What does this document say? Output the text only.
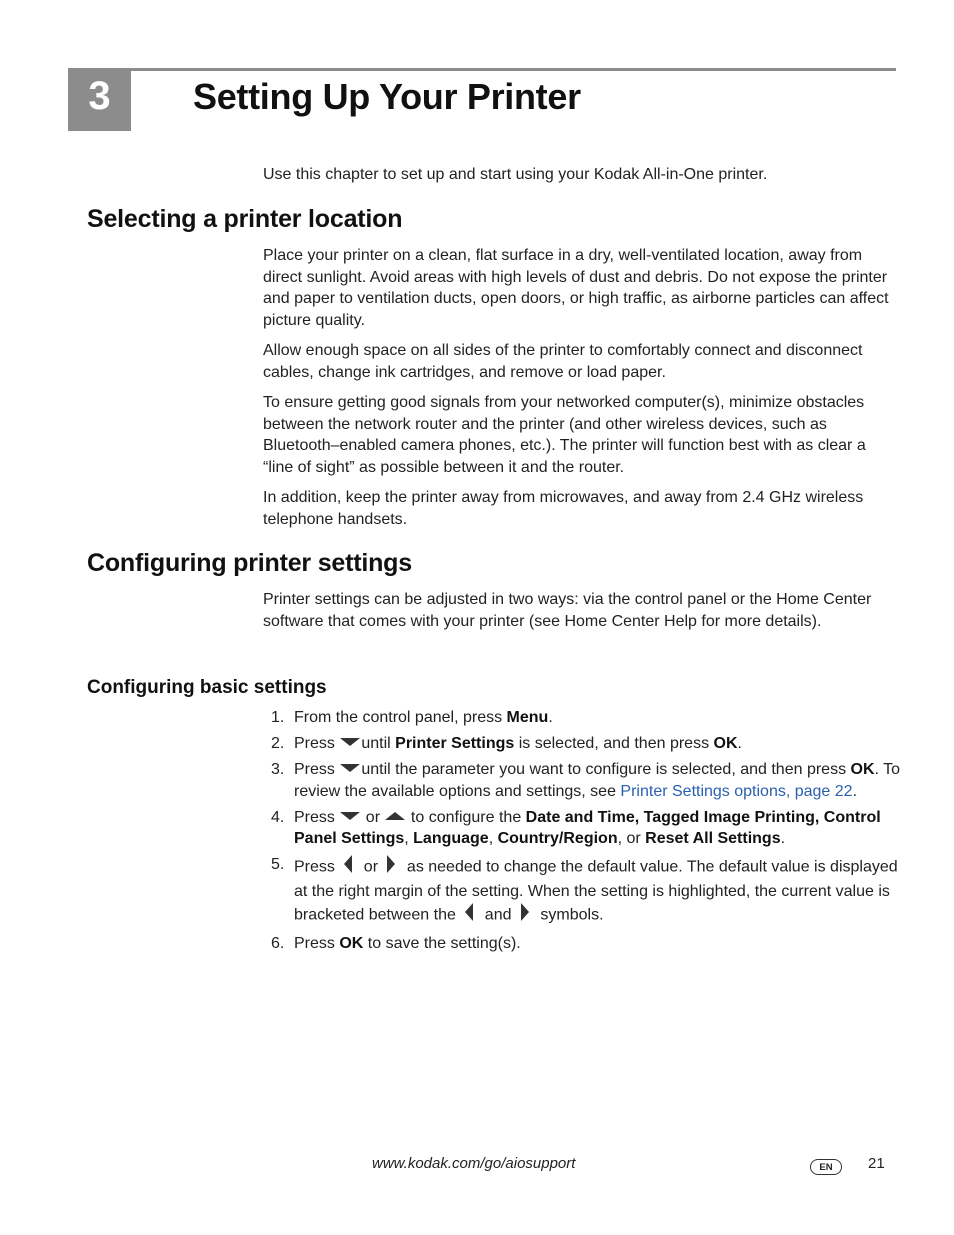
3	Setting Up Your Printer

Use this chapter to set up and start using your Kodak All-in-One printer.

Selecting a printer location

Place your printer on a clean, flat surface in a dry, well-ventilated location, away from direct sunlight. Avoid areas with high levels of dust and debris. Do not expose the printer and paper to ventilation ducts, open doors, or high traffic, as airborne particles can affect picture quality.

Allow enough space on all sides of the printer to comfortably connect and disconnect cables, change ink cartridges, and remove or load paper.

To ensure getting good signals from your networked computer(s), minimize obstacles between the network router and the printer (and other wireless devices, such as Bluetooth–enabled camera phones, etc.). The printer will function best with as clear a “line of sight” as possible between it and the router.

In addition, keep the printer away from microwaves, and away from 2.4 GHz wireless telephone handsets.

Configuring printer settings

Printer settings can be adjusted in two ways: via the control panel or the Home Center software that comes with your printer (see Home Center Help for more details).

Configuring basic settings
1. From the control panel, press Menu.
2. Press until Printer Settings is selected, and then press OK.
3. Press until the parameter you want to configure is selected, and then press OK. To review the available options and settings, see Printer Settings options, page 22.
4. Press  or  to configure the Date and Time, Tagged Image Printing, Control Panel Settings, Language, Country/Region, or Reset All Settings.
5. Press  or  as needed to change the default value. The default value is displayed at the right margin of the setting. When the setting is highlighted, the current value is bracketed between the  and  symbols.
6. Press OK to save the setting(s).
www.kodak.com/go/aiosupport	EN	21
